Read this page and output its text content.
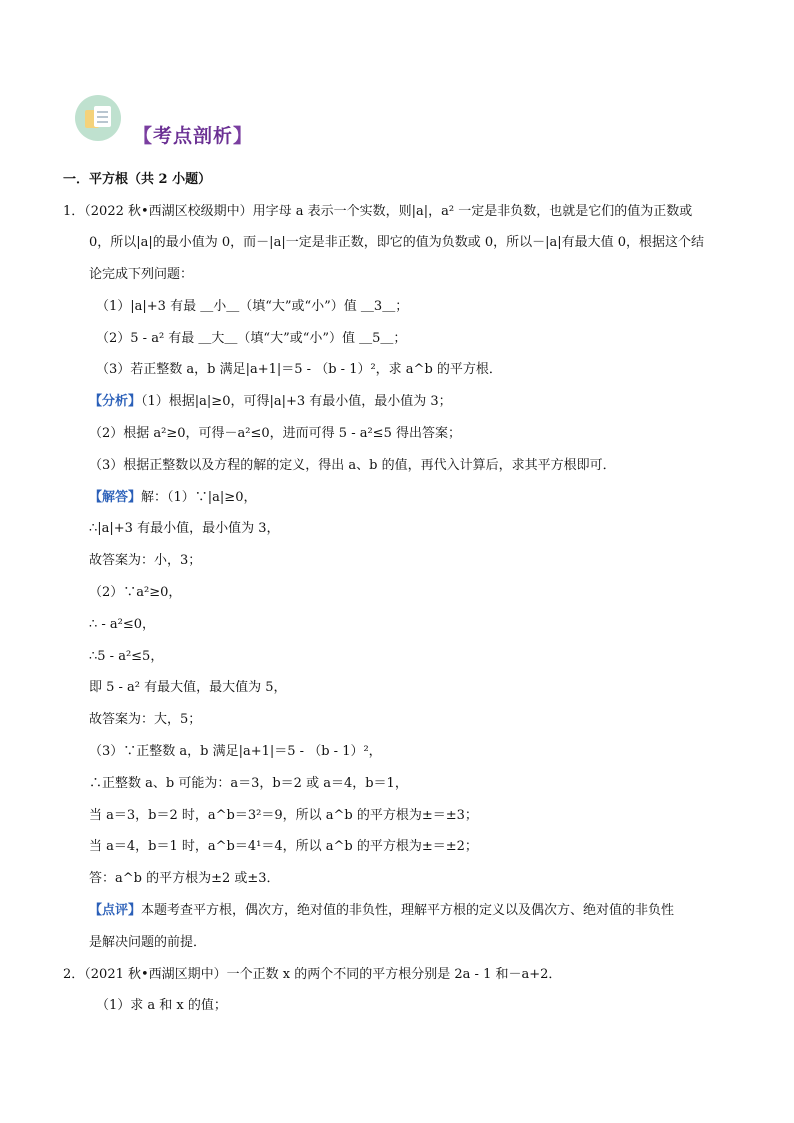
【考点剖析】
一．平方根（共 2 小题）
1．（2022 秋•西湖区校级期中）用字母 a 表示一个实数，则|a|，a² 一定是非负数，也就是它们的值为正数或
0，所以|a|的最小值为 0，而－|a|一定是非正数，即它的值为负数或 0，所以－|a|有最大值 0，根据这个结
论完成下列问题：
（1）|a|+3 有最 ＿小＿（填“大”或“小”）值 ＿3＿；
（2）5 - a² 有最 ＿大＿（填“大”或“小”）值 ＿5＿；
（3）若正整数 a，b 满足|a+1|＝5 - （b - 1）²，求 a^b 的平方根．
【分析】（1）根据|a|≥0，可得|a|+3 有最小值，最小值为 3；
（2）根据 a²≥0，可得－a²≤0，进而可得 5 - a²≤5 得出答案；
（3）根据正整数以及方程的解的定义，得出 a、b 的值，再代入计算后，求其平方根即可．
【解答】解：（1）∵|a|≥0，
∴|a|+3 有最小值，最小值为 3，
故答案为：小，3；
（2）∵a²≥0，
∴ - a²≤0，
∴5 - a²≤5，
即 5 - a² 有最大值，最大值为 5，
故答案为：大，5；
（3）∵正整数 a，b 满足|a+1|＝5 - （b - 1）²，
∴正整数 a、b 可能为：a＝3，b＝2 或 a＝4，b＝1，
当 a＝3，b＝2 时，a^b＝3²＝9，所以 a^b 的平方根为±＝±3；
当 a＝4，b＝1 时，a^b＝4¹＝4，所以 a^b 的平方根为±＝±2；
答：a^b 的平方根为±2 或±3．
【点评】本题考查平方根，偶次方，绝对值的非负性，理解平方根的定义以及偶次方、绝对值的非负性
是解决问题的前提．
2．（2021 秋•西湖区期中）一个正数 x 的两个不同的平方根分别是 2a - 1 和－a+2．
（1）求 a 和 x 的值；
